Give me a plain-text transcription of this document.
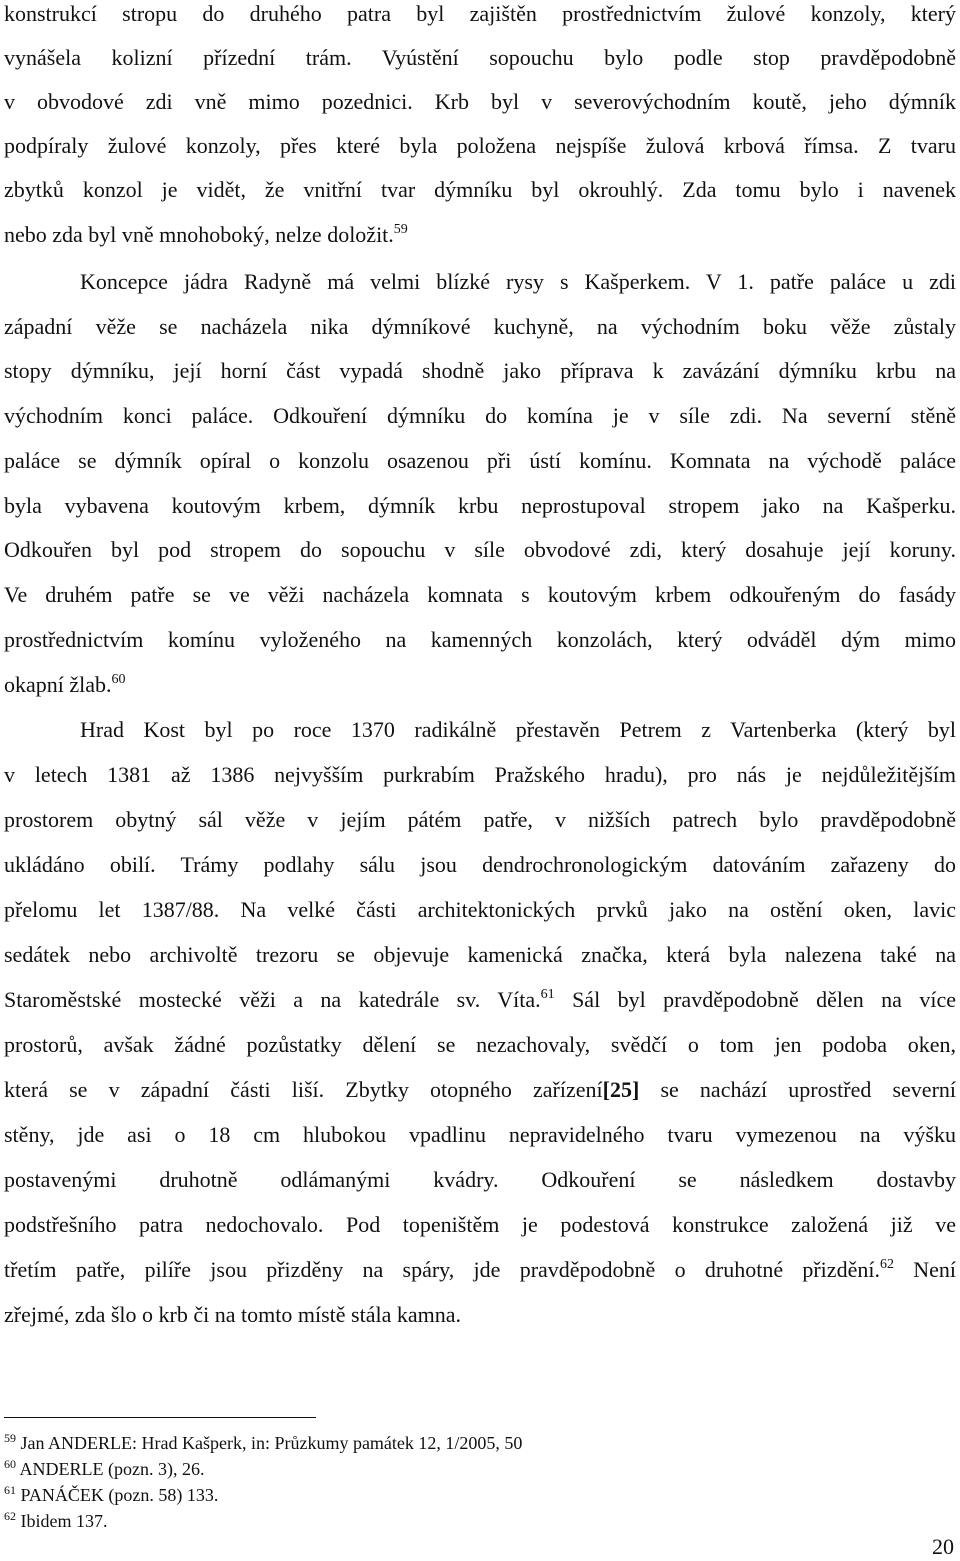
konstrukcí stropu do druhého patra byl zajištěn prostřednictvím žulové konzoly, který
vynášela kolizní přízední trám. Vyústění sopouchu bylo podle stop pravděpodobně
v obvodové zdi vně mimo pozednici. Krb byl v severovýchodním koutě, jeho dýmník
podpíraly žulové konzoly, přes které byla položena nejspíše žulová krbová římsa. Z tvaru
zbytků konzol je vidět, že vnitřní tvar dýmníku byl okrouhlý. Zda tomu bylo i navenek
nebo zda byl vně mnohoboký, nelze doložit.$^{59}$
Koncepce jádra Radyně má velmi blízké rysy s Kašperkem. V 1. patře paláce u zdi
západní věže se nacházela nika dýmníkové kuchyně, na východním boku věže zůstaly
stopy dýmníku, její horní část vypadá shodně jako příprava k zavázání dýmníku krbu na
východním konci paláce. Odkouření dýmníku do komína je v síle zdi. Na severní stěně
paláce se dýmník opíral o konzolu osazenou při ústí komínu. Komnata na východě paláce
byla vybavena koutovým krbem, dýmník krbu neprostupoval stropem jako na Kašperku.
Odkouřen byl pod stropem do sopouchu v síle obvodové zdi, který dosahuje její koruny.
Ve druhém patře se ve věži nacházela komnata s koutovým krbem odkouřeným do fasády
prostřednictvím komínu vyloženého na kamenných konzolách, který odváděl dým mimo
okapní žlab.$^{60}$
Hrad Kost byl po roce 1370 radikálně přestavěn Petrem z Vartenberka (který byl
v letech 1381 až 1386 nejvyšším purkrabím Pražského hradu), pro nás je nejdůležitějším
prostorem obytný sál věže v jejím pátém patře, v nižších patrech bylo pravděpodobně
ukládáno obilí. Trámy podlahy sálu jsou dendrochronologickým datováním zařazeny do
přelomu let 1387/88. Na velké části architektonických prvků jako na ostění oken, lavic
sedátek nebo archivoltě trezoru se objevuje kamenická značka, která byla nalezena také na
Staroměstské mostecké věži a na katedrále sv. Víta.$^{61}$ Sál byl pravděpodobně dělen na více
prostorů, avšak žádné pozůstatky dělení se nezachovaly, svědčí o tom jen podoba oken,
která se v západní části liší. Zbytky otopného zařízení[25] se nachází uprostřed severní
stěny, jde asi o 18 cm hlubokou vpadlinu nepravidelného tvaru vymezenou na výšku
postavenými druhotně odlámanými kvádry. Odkouření se následkem dostavby
podstřešního patra nedochovalo. Pod topeništěm je podestová konstrukce založená již ve
třetím patře, pilíře jsou přizděny na spáry, jde pravděpodobně o druhotné přizdění.$^{62}$ Není
zřejmé, zda šlo o krb či na tomto místě stála kamna.
$^{59}$ Jan ANDERLE: Hrad Kašperk, in: Průzkumy památek 12, 1/2005, 50
$^{60}$ ANDERLE (pozn. 3), 26.
$^{61}$ PANÁČEK (pozn. 58) 133.
$^{62}$ Ibidem 137.
20
